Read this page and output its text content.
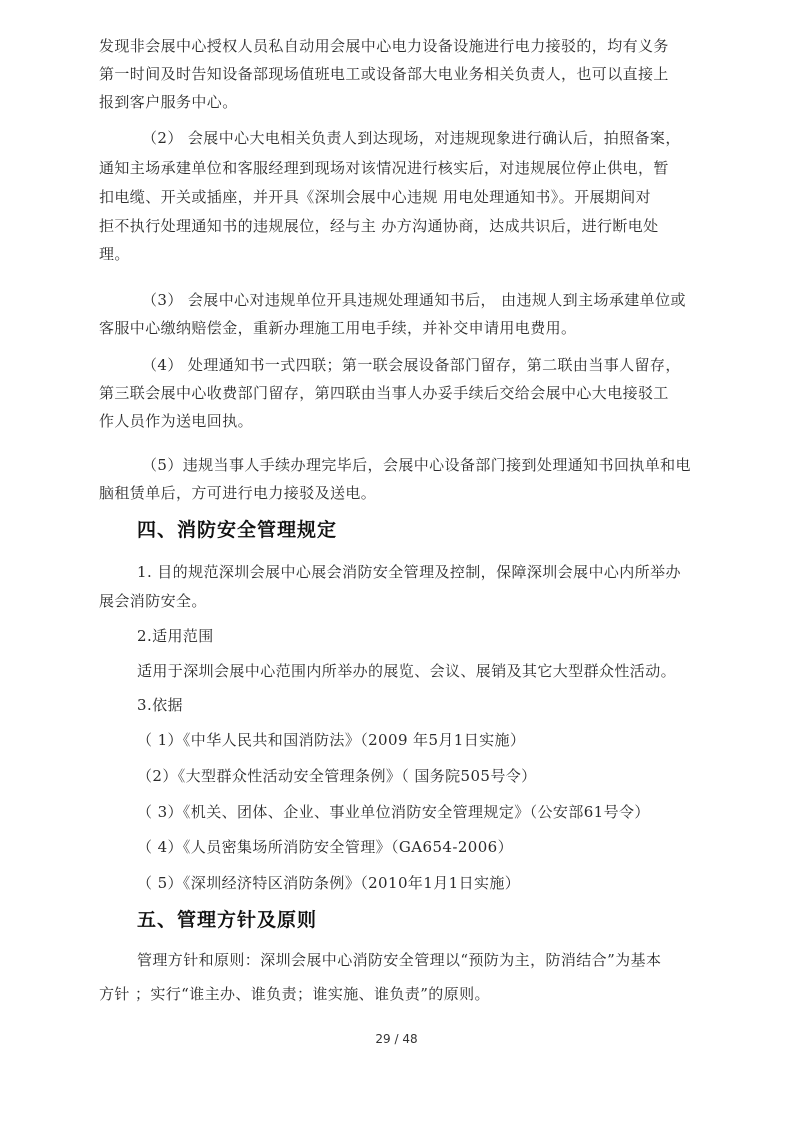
发现非会展中心授权人员私自动用会展中心电力设备设施进行电力接驳的，均有义务
第一时间及时告知设备部现场值班电工或设备部大电业务相关负责人，也可以直接上
报到客户服务中心。
（2） 会展中心大电相关负责人到达现场，对违规现象进行确认后，拍照备案，
通知主场承建单位和客服经理到现场对该情况进行核实后，对违规展位停止供电，暂
扣电缆、开关或插座，并开具《深圳会展中心违规 用电处理通知书》。开展期间对
拒不执行处理通知书的违规展位，经与主 办方沟通协商，达成共识后，进行断电处
理。
（3） 会展中心对违规单位开具违规处理通知书后， 由违规人到主场承建单位或
客服中心缴纳赔偿金，重新办理施工用电手续，并补交申请用电费用。
（4） 处理通知书一式四联；第一联会展设备部门留存，第二联由当事人留存，
第三联会展中心收费部门留存，第四联由当事人办妥手续后交给会展中心大电接驳工
作人员作为送电回执。
（5）违规当事人手续办理完毕后，会展中心设备部门接到处理通知书回执单和电
脑租赁单后，方可进行电力接驳及送电。
四、消防安全管理规定
1. 目的规范深圳会展中心展会消防安全管理及控制，保障深圳会展中心内所举办
展会消防安全。
2.适用范围
适用于深圳会展中心范围内所举办的展览、会议、展销及其它大型群众性活动。
3.依据
（ 1）《中华人民共和国消防法》（2009 年5月1日实施）
（2）《大型群众性活动安全管理条例》（ 国务院505号令）
（ 3）《机关、团体、企业、事业单位消防安全管理规定》（公安部61号令）
（ 4）《人员密集场所消防安全管理》（GA654-2006）
（ 5）《深圳经济特区消防条例》（2010年1月1日实施）
五、管理方针及原则
管理方针和原则：深圳会展中心消防安全管理以“预防为主，防消结合”为基本
方针 ；实行“谁主办、谁负责；谁实施、谁负责”的原则。
29 / 48
